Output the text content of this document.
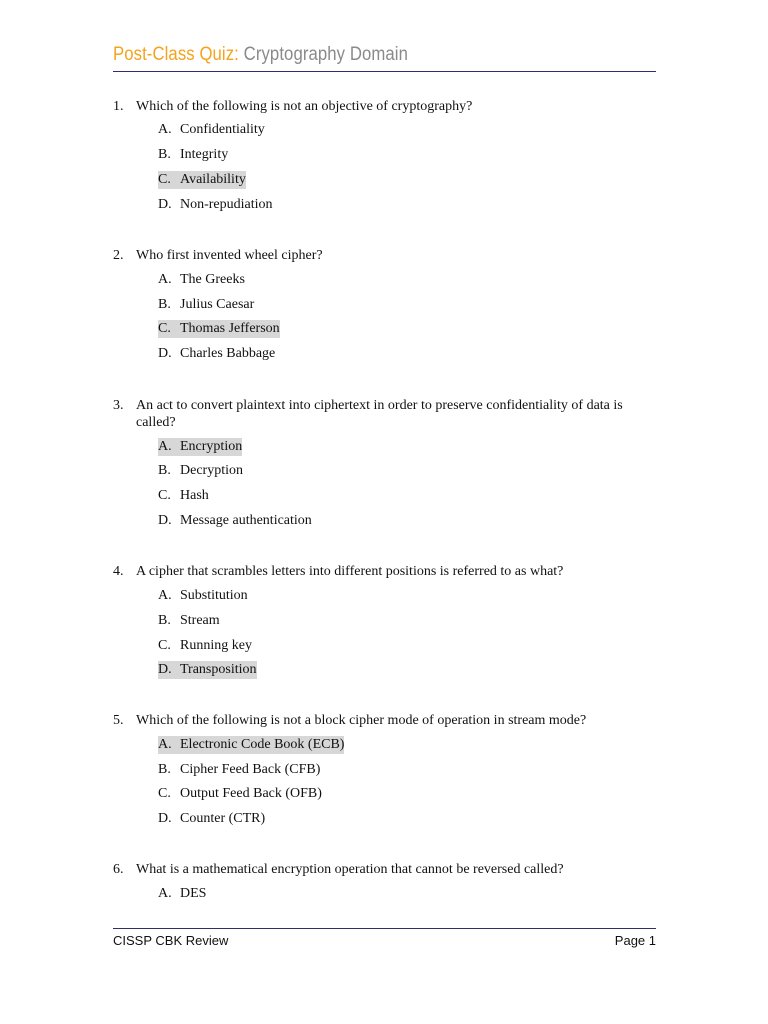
Post-Class Quiz: Cryptography Domain
1. Which of the following is not an objective of cryptography?
A. Confidentiality
B. Integrity
C. Availability
D. Non-repudiation
2. Who first invented wheel cipher?
A. The Greeks
B. Julius Caesar
C. Thomas Jefferson
D. Charles Babbage
3. An act to convert plaintext into ciphertext in order to preserve confidentiality of data is called?
A. Encryption
B. Decryption
C. Hash
D. Message authentication
4. A cipher that scrambles letters into different positions is referred to as what?
A. Substitution
B. Stream
C. Running key
D. Transposition
5. Which of the following is not a block cipher mode of operation in stream mode?
A. Electronic Code Book (ECB)
B. Cipher Feed Back (CFB)
C. Output Feed Back (OFB)
D. Counter (CTR)
6. What is a mathematical encryption operation that cannot be reversed called?
A. DES
CISSP CBK Review	Page 1
